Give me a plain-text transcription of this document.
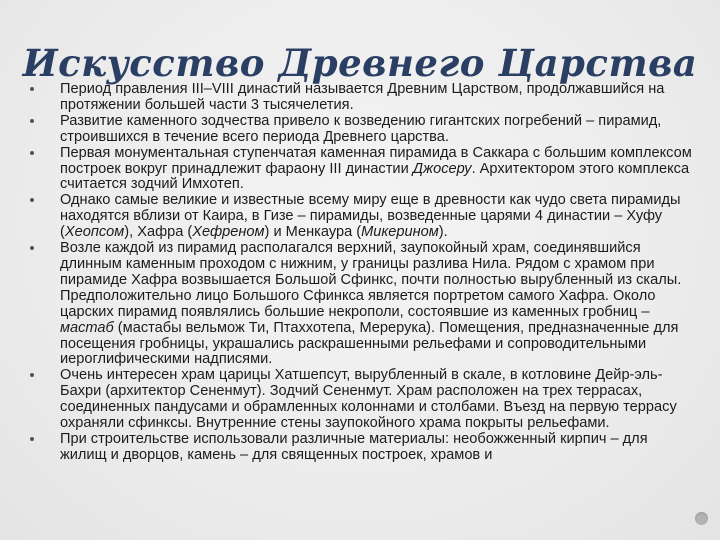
Искусство Древнего Царства
Период правления III–VIII династий называется Древним Царством, продолжавшийся на протяжении большей части 3 тысячелетия.
Развитие каменного зодчества привело к возведению гигантских погребений – пирамид, строившихся в течение всего периода Древнего царства.
Первая монументальная ступенчатая каменная пирамида в Саккара с большим комплексом построек вокруг принадлежит фараону III династии Джосеру. Архитектором этого комплекса считается зодчий Имхотеп.
Однако самые великие и известные всему миру еще в древности как чудо света пирамиды находятся вблизи от Каира, в Гизе – пирамиды, возведенные царями 4 династии – Хуфу (Хеопсом), Хафра (Хефреном) и Менкаура (Микерином).
Возле каждой из пирамид располагался верхний, заупокойный храм, соединявшийся длинным каменным проходом с нижним, у границы разлива Нила. Рядом с храмом при пирамиде Хафра возвышается Большой Сфинкс, почти полностью вырубленный из скалы. Предположительно лицо Большого Сфинкса является портретом самого Хафра. Около царских пирамид появлялись большие некрополи, состоявшие из каменных гробниц – мастаб (мастабы вельмож Ти, Птаххотепа, Мерерука). Помещения, предназначенные для посещения гробницы, украшались раскрашенными рельефами и сопроводительными иероглифическими надписями.
Очень интересен храм царицы Хатшепсут, вырубленный в скале, в котловине Дейр-эль-Бахри (архитектор Сененмут). Зодчий Сененмут. Храм расположен на трех террасах, соединенных пандусами и обрамленных колоннами и столбами. Въезд на первую террасу охраняли сфинксы. Внутренние стены заупокойного храма покрыты рельефами.
При строительстве использовали различные материалы: необожженный кирпич – для жилищ и дворцов, камень – для священных построек, храмов и
